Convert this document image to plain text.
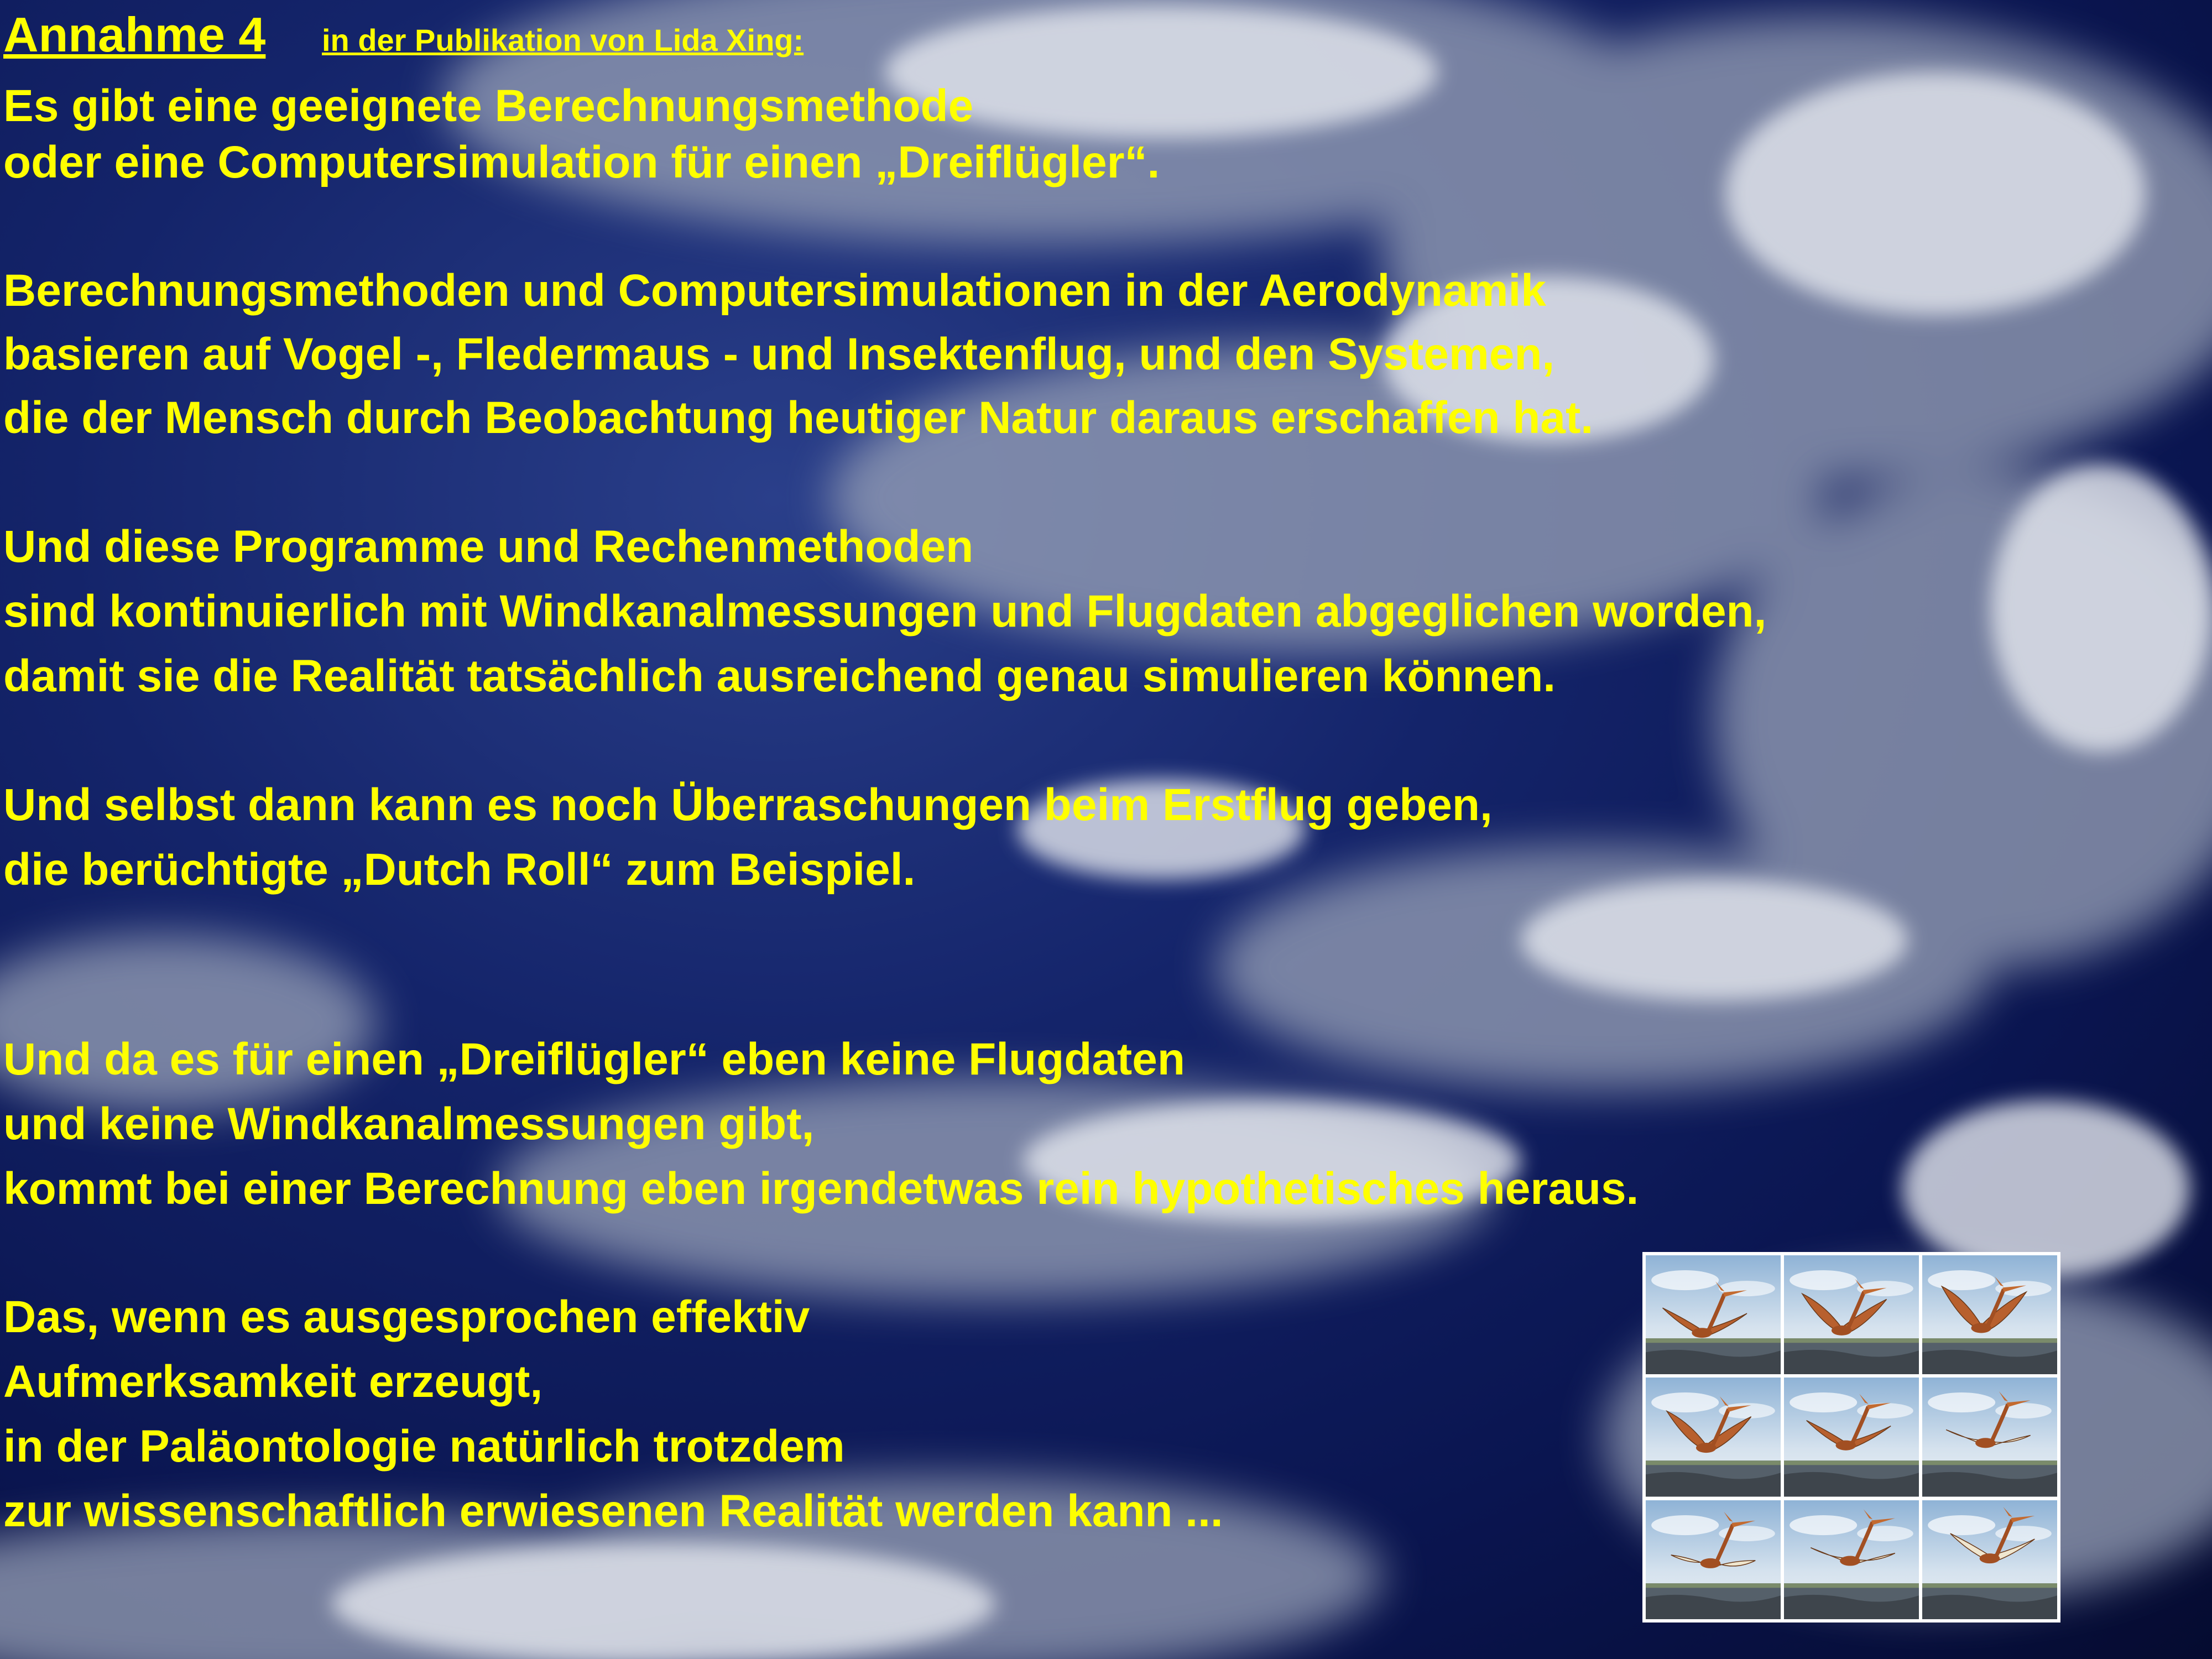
Annahme 4 in der Publikation von Lida Xing:
Es gibt eine geeignete Berechnungsmethode
oder eine Computersimulation für einen „Dreiflügler“.
Berechnungsmethoden und Computersimulationen in der Aerodynamik
basieren auf Vogel -, Fledermaus - und Insektenflug, und den Systemen,
die der Mensch durch Beobachtung heutiger Natur daraus erschaffen hat.
Und diese Programme und Rechenmethoden
sind kontinuierlich mit Windkanalmessungen und Flugdaten abgeglichen worden,
damit sie die Realität tatsächlich ausreichend genau simulieren können.
Und selbst dann kann es noch Überraschungen beim Erstflug geben,
die berüchtigte „Dutch Roll“ zum Beispiel.
Und da es für einen „Dreiflügler“ eben keine Flugdaten
und keine Windkanalmessungen gibt,
kommt bei einer Berechnung eben irgendetwas rein hypothetisches heraus.
Das, wenn es ausgesprochen effektiv
Aufmerksamkeit erzeugt,
in der Paläontologie natürlich trotzdem
zur wissenschaftlich erwiesenen Realität werden kann ...
